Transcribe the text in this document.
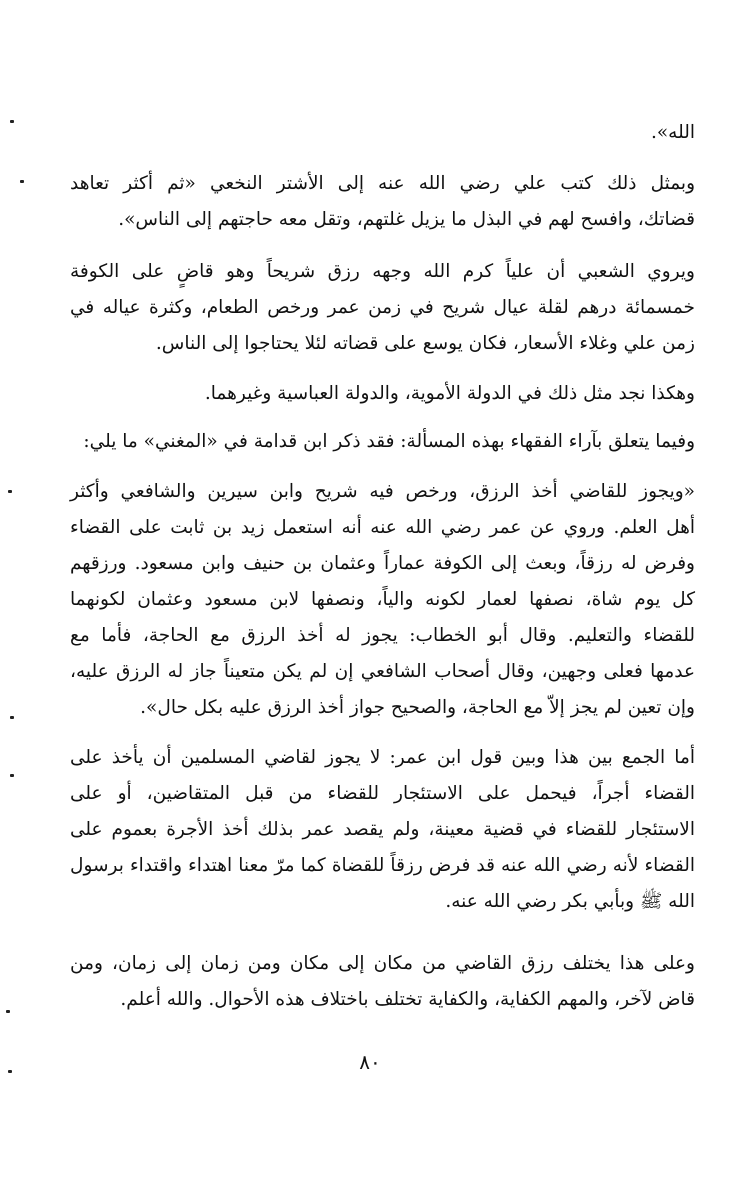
الله».
وبمثل ذلك كتب علي رضي الله عنه إلى الأشتر النخعي «ثم أكثر تعاهد
قضاتك، وافسح لهم في البذل ما يزيل غلتهم، وتقل معه حاجتهم إلى الناس».
ويروي الشعبي أن علياً كرم الله وجهه رزق شريحاً وهو قاضٍ على الكوفة
خمسمائة درهم لقلة عيال شريح في زمن عمر ورخص الطعام، وكثرة عياله في
زمن علي وغلاء الأسعار، فكان يوسع على قضاته لئلا يحتاجوا إلى الناس.
وهكذا نجد مثل ذلك في الدولة الأموية، والدولة العباسية وغيرهما.
وفيما يتعلق بآراء الفقهاء بهذه المسألة: فقد ذكر ابن قدامة في «المغني» ما يلي:
«ويجوز للقاضي أخذ الرزق، ورخص فيه شريح وابن سيرين والشافعي وأكثر
أهل العلم. وروي عن عمر رضي الله عنه أنه استعمل زيد بن ثابت على القضاء
وفرض له رزقاً، وبعث إلى الكوفة عماراً وعثمان بن حنيف وابن مسعود. ورزقهم
كل يوم شاة، نصفها لعمار لكونه والياً، ونصفها لابن مسعود وعثمان لكونهما
للقضاء والتعليم. وقال أبو الخطاب: يجوز له أخذ الرزق مع الحاجة، فأما مع
عدمها فعلى وجهين، وقال أصحاب الشافعي إن لم يكن متعيناً جاز له الرزق عليه،
وإن تعين لم يجز إلاّ مع الحاجة، والصحيح جواز أخذ الرزق عليه بكل حال».
أما الجمع بين هذا وبين قول ابن عمر: لا يجوز لقاضي المسلمين أن يأخذ على
القضاء أجراً، فيحمل على الاستئجار للقضاء من قبل المتقاضين، أو على
الاستئجار للقضاء في قضية معينة، ولم يقصد عمر بذلك أخذ الأجرة بعموم على
القضاء لأنه رضي الله عنه قد فرض رزقاً للقضاة كما مرّ معنا اهتداء واقتداء برسول
الله ﷺ وبأبي بكر رضي الله عنه.
وعلى هذا يختلف رزق القاضي من مكان إلى مكان ومن زمان إلى زمان، ومن
قاض لآخر، والمهم الكفاية، والكفاية تختلف باختلاف هذه الأحوال. والله أعلم.
٨٠
